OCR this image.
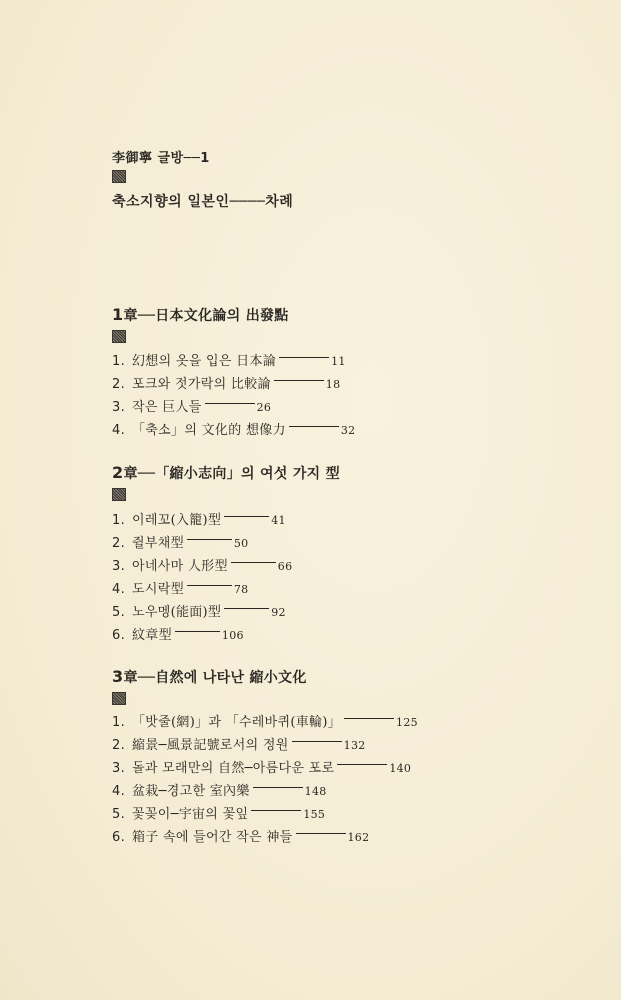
李御寧 글방──1
축소지향의 일본인────차례
1章──日本文化論의 出發點
1. 幻想의 옷을 입은 日本論	11
2. 포크와 젓가락의 比較論	18
3. 작은 巨人들	26
4. 「축소」의 文化的 想像力	32
2章──「縮小志向」의 여섯 가지 型
1. 이레꼬(入籠)型	41
2. 쥘부채型	50
3. 아네사마 人形型	66
4. 도시락型	78
5. 노우멩(能面)型	92
6. 紋章型	106
3章──自然에 나타난 縮小文化
1. 「밧줄(網)」과 「수레바퀴(車輪)」	125
2. 縮景─風景記號로서의 정원	132
3. 돌과 모래만의 自然─아름다운 포로	140
4. 盆栽─경고한 室內樂	148
5. 꽃꽂이─宇宙의 꽃잎	155
6. 箱子 속에 들어간 작은 神들	162
